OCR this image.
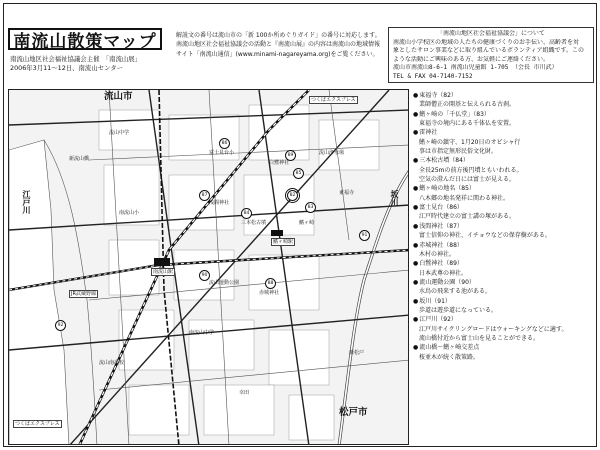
南流山散策マップ
南流山地区社会福祉協議会主催　「南流山展」
2006年3月11〜12日、南流山センター
解説文の番号は流山市の「新 100か所めぐりガイド」の番号に対応します。
南流山地区社会福祉協議会の活動と『南流山展』の内容は南流山の地域情報
サイト「南流山通信」(www.minami-nagareyama.org)をご覧ください。
「南流山地区社会福祉協議会」について
南流山小学校区の地域の人たちの健康づくりのお手伝い、高齢者を対
象としたサロン事業などに取り組んでいるボランティア組織です。この
ような活動にご興味のある方、お気軽にご連絡ください。
流山市南流山8-6-1 南流山児童館 1-705 （会長 市川武）
TEL & FAX 04-7140-7152
流山市
松戸市
江戸川	坂川
つくばエクスプレス
つくばエクスプレス
JR武蔵野線
南流山駅
新流山橋
流山中学
富士見台小
南流山小
南流山中学
流山浄水場
流山南高校
白鷺神社
鰭ヶ崎
浅間神社
東福寺
三本松古墳
赤城神社
鰭ヶ崎駅
新松戸
幸田
流山運動公園
82
83
84
85
86
87
88
89
90
91
92
● 東福寺（82）
業師僧正の開基と伝えられる古刹。
● 鰭ヶ崎の「千仏堂」（83）
東福寺の境内にある千体仏を安置。
● 雷神社
鰭ヶ崎の鎮守、1月20日のオビシャ行
事は市指定無形民俗文化財。
● 三本松古墳（84）
全長25mの前方後円墳ともいわれる。
空気の澄んだ日には富士が見える。
● 鰭ヶ崎の地名（85）
八木郷の地名発祥に関わる神社。
● 富士見台（86）
江戸時代建立の富士講の塚がある。
● 浅間神社（87）
富士信仰の神社、イチョウなどの保存樹がある。
● 赤城神社（88）
木村の神社。
● 白鷺神社（89）
日本武尊の神社。
● 流山運動公園（90）
水鳥の飛来する池がある。
● 坂川（91）
歩道は遊歩道になっている。
● 江戸川（92）
江戸川サイクリングロードはウォーキングなどに適す。
流山橋付近から富士山を見ることができる。
● 流山橋〜鰭ヶ崎交差点
桜並木が続く散策路。
